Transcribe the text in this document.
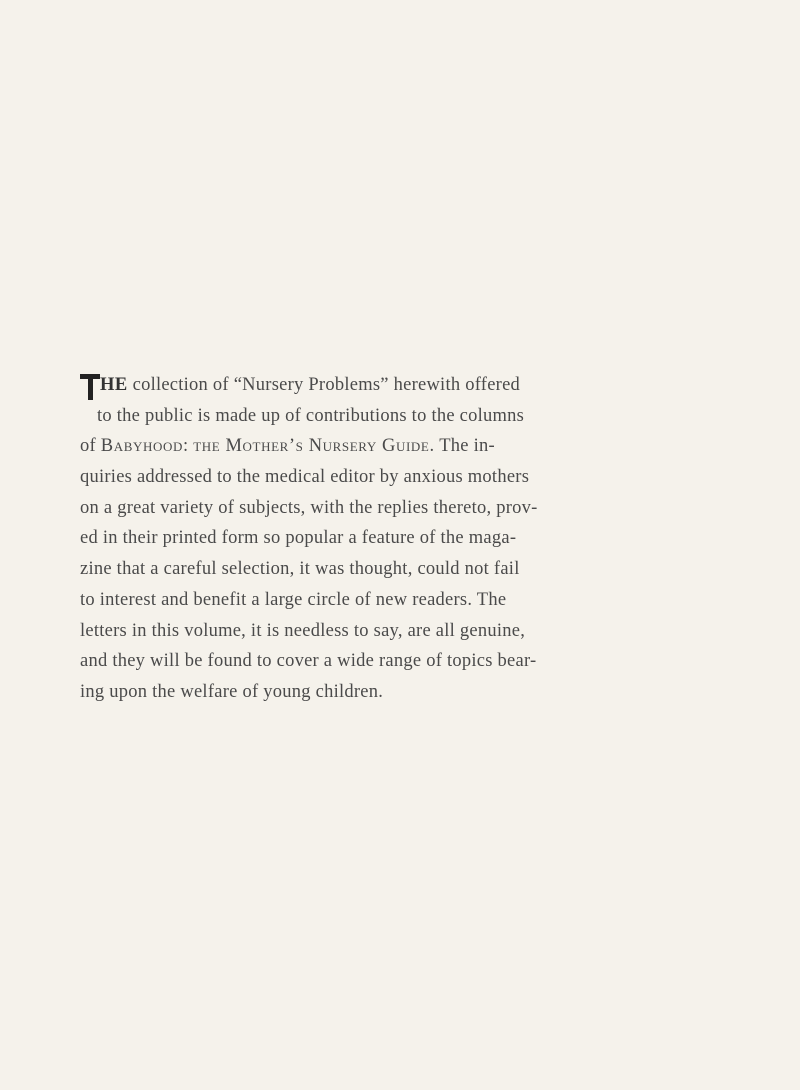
HE collection of “Nursery Problems” herewith offered
to the public is made up of contributions to the columns
of Babyhood: the Mother’s Nursery Guide. The in-
quiries addressed to the medical editor by anxious mothers
on a great variety of subjects, with the replies thereto, prov-
ed in their printed form so popular a feature of the maga-
zine that a careful selection, it was thought, could not fail
to interest and benefit a large circle of new readers. The
letters in this volume, it is needless to say, are all genuine,
and they will be found to cover a wide range of topics bear-
ing upon the welfare of young children.
